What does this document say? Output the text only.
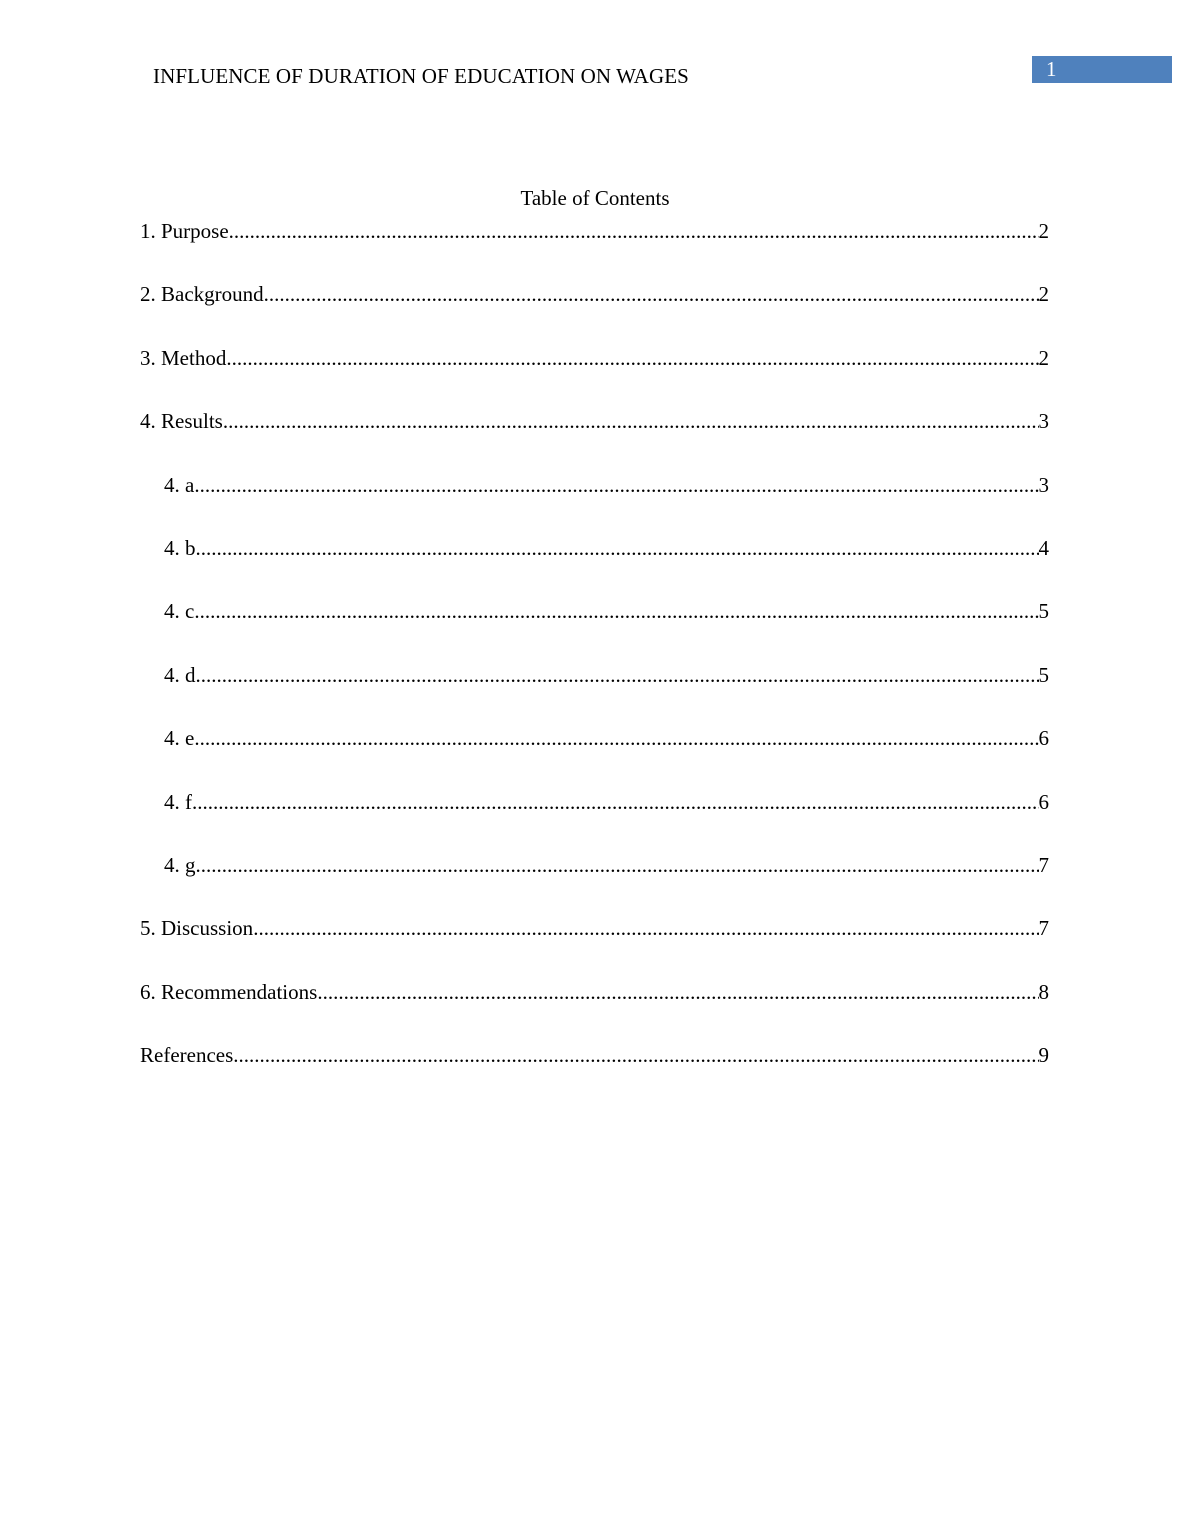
INFLUENCE OF DURATION OF EDUCATION ON WAGES	1
Table of Contents
1. Purpose .....	2
2. Background .....	2
3. Method .....	2
4. Results .....	3
4. a .....	3
4. b .....	4
4. c .....	5
4. d .....	5
4. e .....	6
4. f .....	6
4. g .....	7
5. Discussion .....	7
6. Recommendations .....	8
References .....	9
